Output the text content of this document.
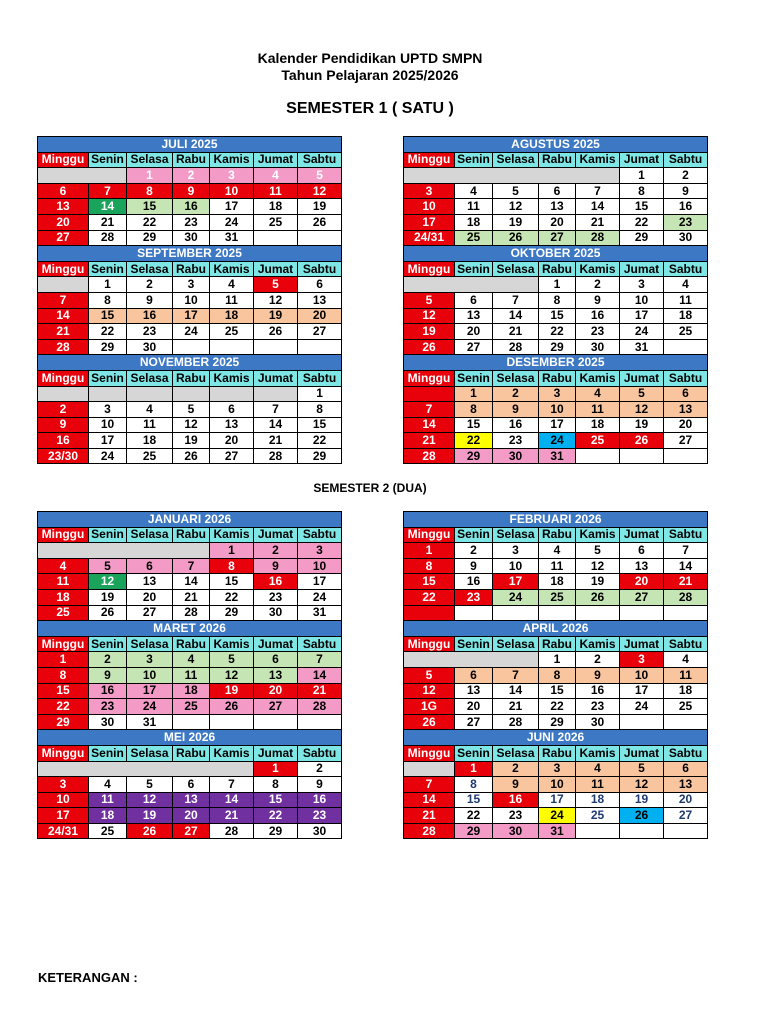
Kalender Pendidikan UPTD SMPN
Tahun Pelajaran 2025/2026
SEMESTER 1 ( SATU )
SEMESTER 2 (DUA)
KETERANGAN :
JULI 2025						
Minggu	Senin	Selasa	Rabu	Kamis	Jumat	Sabtu
		1	2	3	4	5
6	7	8	9	10	11	12
13	14	15	16	17	18	19
20	21	22	23	24	25	26
27	28	29	30	31		
SEPTEMBER 2025						
Minggu	Senin	Selasa	Rabu	Kamis	Jumat	Sabtu
	1	2	3	4	5	6
7	8	9	10	11	12	13
14	15	16	17	18	19	20
21	22	23	24	25	26	27
28	29	30				
NOVEMBER 2025						
Minggu	Senin	Selasa	Rabu	Kamis	Jumat	Sabtu
						1
2	3	4	5	6	7	8
9	10	11	12	13	14	15
16	17	18	19	20	21	22
23/30	24	25	26	27	28	29
AGUSTUS 2025						
Minggu	Senin	Selasa	Rabu	Kamis	Jumat	Sabtu
					1	2
3	4	5	6	7	8	9
10	11	12	13	14	15	16
17	18	19	20	21	22	23
24/31	25	26	27	28	29	30
OKTOBER 2025						
Minggu	Senin	Selasa	Rabu	Kamis	Jumat	Sabtu
			1	2	3	4
5	6	7	8	9	10	11
12	13	14	15	16	17	18
19	20	21	22	23	24	25
26	27	28	29	30	31	
DESEMBER 2025						
Minggu	Senin	Selasa	Rabu	Kamis	Jumat	Sabtu
	1	2	3	4	5	6
7	8	9	10	11	12	13
14	15	16	17	18	19	20
21	22	23	24	25	26	27
28	29	30	31			
JANUARI 2026						
Minggu	Senin	Selasa	Rabu	Kamis	Jumat	Sabtu
				1	2	3
4	5	6	7	8	9	10
11	12	13	14	15	16	17
18	19	20	21	22	23	24
25	26	27	28	29	30	31
MARET 2026						
Minggu	Senin	Selasa	Rabu	Kamis	Jumat	Sabtu
1	2	3	4	5	6	7
8	9	10	11	12	13	14
15	16	17	18	19	20	21
22	23	24	25	26	27	28
29	30	31				
MEI 2026						
Minggu	Senin	Selasa	Rabu	Kamis	Jumat	Sabtu
					1	2
3	4	5	6	7	8	9
10	11	12	13	14	15	16
17	18	19	20	21	22	23
24/31	25	26	27	28	29	30
FEBRUARI 2026						
Minggu	Senin	Selasa	Rabu	Kamis	Jumat	Sabtu
1	2	3	4	5	6	7
8	9	10	11	12	13	14
15	16	17	18	19	20	21
22	23	24	25	26	27	28

APRIL 2026						
Minggu	Senin	Selasa	Rabu	Kamis	Jumat	Sabtu
			1	2	3	4
5	6	7	8	9	10	11
12	13	14	15	16	17	18
1G	20	21	22	23	24	25
26	27	28	29	30		
JUNI 2026						
Minggu	Senin	Selasa	Rabu	Kamis	Jumat	Sabtu
	1	2	3	4	5	6
7	8	9	10	11	12	13
14	15	16	17	18	19	20
21	22	23	24	25	26	27
28	29	30	31			
